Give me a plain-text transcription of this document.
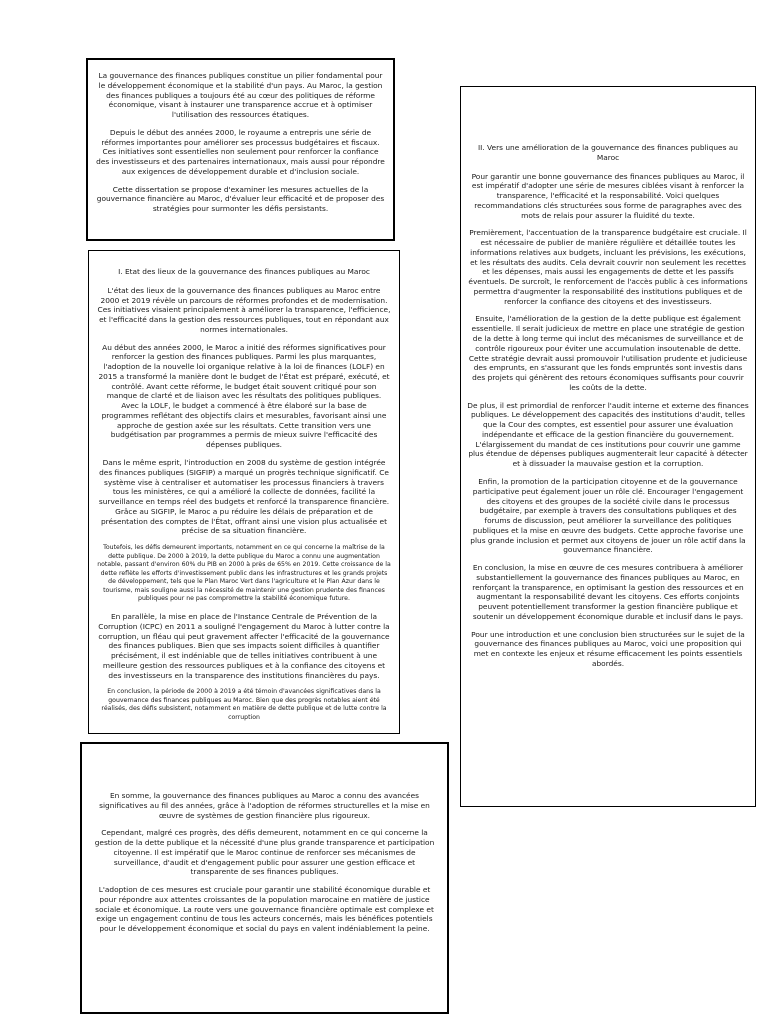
La gouvernance des finances publiques constitue un pilier fondamental pour le développement économique et la stabilité d'un pays. Au Maroc, la gestion des finances publiques a toujours été au cœur des politiques de réforme économique, visant à instaurer une transparence accrue et à optimiser l'utilisation des ressources étatiques.

Depuis le début des années 2000, le royaume a entrepris une série de réformes importantes pour améliorer ses processus budgétaires et fiscaux. Ces initiatives sont essentielles non seulement pour renforcer la confiance des investisseurs et des partenaires internationaux, mais aussi pour répondre aux exigences de développement durable et d'inclusion sociale.

Cette dissertation se propose d'examiner les mesures actuelles de la gouvernance financière au Maroc, d'évaluer leur efficacité et de proposer des stratégies pour surmonter les défis persistants.

I. Etat des lieux de la gouvernance des finances publiques au Maroc

L'état des lieux de la gouvernance des finances publiques au Maroc entre 2000 et 2019 révèle un parcours de réformes profondes et de modernisation. Ces initiatives visaient principalement à améliorer la transparence, l'efficience, et l'efficacité dans la gestion des ressources publiques, tout en répondant aux normes internationales.

Au début des années 2000, le Maroc a initié des réformes significatives pour renforcer la gestion des finances publiques. Parmi les plus marquantes, l'adoption de la nouvelle loi organique relative à la loi de finances (LOLF) en 2015 a transformé la manière dont le budget de l'État est préparé, exécuté, et contrôlé. Avant cette réforme, le budget était souvent critiqué pour son manque de clarté et de liaison avec les résultats des politiques publiques. Avec la LOLF, le budget a commencé à être élaboré sur la base de programmes reflétant des objectifs clairs et mesurables, favorisant ainsi une approche de gestion axée sur les résultats. Cette transition vers une budgétisation par programmes a permis de mieux suivre l'efficacité des dépenses publiques.

Dans le même esprit, l'introduction en 2008 du système de gestion intégrée des finances publiques (SIGFIP) a marqué un progrès technique significatif. Ce système vise à centraliser et automatiser les processus financiers à travers tous les ministères, ce qui a amélioré la collecte de données, facilité la surveillance en temps réel des budgets et renforcé la transparence financière. Grâce au SIGFIP, le Maroc a pu réduire les délais de préparation et de présentation des comptes de l'État, offrant ainsi une vision plus actualisée et précise de sa situation financière.

Toutefois, les défis demeurent importants, notamment en ce qui concerne la maîtrise de la dette publique. De 2000 à 2019, la dette publique du Maroc a connu une augmentation notable, passant d'environ 60% du PIB en 2000 à près de 65% en 2019. Cette croissance de la dette reflète les efforts d'investissement public dans les infrastructures et les grands projets de développement, tels que le Plan Maroc Vert dans l'agriculture et le Plan Azur dans le tourisme, mais souligne aussi la nécessité de maintenir une gestion prudente des finances publiques pour ne pas compromettre la stabilité économique future.

En parallèle, la mise en place de l'Instance Centrale de Prévention de la Corruption (ICPC) en 2011 a souligné l'engagement du Maroc à lutter contre la corruption, un fléau qui peut gravement affecter l'efficacité de la gouvernance des finances publiques. Bien que ses impacts soient difficiles à quantifier précisément, il est indéniable que de telles initiatives contribuent à une meilleure gestion des ressources publiques et à la confiance des citoyens et des investisseurs en la transparence des institutions financières du pays.

En conclusion, la période de 2000 à 2019 a été témoin d'avancées significatives dans la gouvernance des finances publiques au Maroc. Bien que des progrès notables aient été réalisés, des défis subsistent, notamment en matière de dette publique et de lutte contre la corruption

II. Vers une amélioration de la gouvernance des finances publiques au Maroc

Pour garantir une bonne gouvernance des finances publiques au Maroc, il est impératif d'adopter une série de mesures ciblées visant à renforcer la transparence, l'efficacité et la responsabilité. Voici quelques recommandations clés structurées sous forme de paragraphes avec des mots de relais pour assurer la fluidité du texte.

Premièrement, l'accentuation de la transparence budgétaire est cruciale. Il est nécessaire de publier de manière régulière et détaillée toutes les informations relatives aux budgets, incluant les prévisions, les exécutions, et les résultats des audits. Cela devrait couvrir non seulement les recettes et les dépenses, mais aussi les engagements de dette et les passifs éventuels. De surcroît, le renforcement de l'accès public à ces informations permettra d'augmenter la responsabilité des institutions publiques et de renforcer la confiance des citoyens et des investisseurs.

Ensuite, l'amélioration de la gestion de la dette publique est également essentielle. Il serait judicieux de mettre en place une stratégie de gestion de la dette à long terme qui inclut des mécanismes de surveillance et de contrôle rigoureux pour éviter une accumulation insoutenable de dette. Cette stratégie devrait aussi promouvoir l'utilisation prudente et judicieuse des emprunts, en s'assurant que les fonds empruntés sont investis dans des projets qui génèrent des retours économiques suffisants pour couvrir les coûts de la dette.

De plus, il est primordial de renforcer l'audit interne et externe des finances publiques. Le développement des capacités des institutions d'audit, telles que la Cour des comptes, est essentiel pour assurer une évaluation indépendante et efficace de la gestion financière du gouvernement. L'élargissement du mandat de ces institutions pour couvrir une gamme plus étendue de dépenses publiques augmenterait leur capacité à détecter et à dissuader la mauvaise gestion et la corruption.

Enfin, la promotion de la participation citoyenne et de la gouvernance participative peut également jouer un rôle clé. Encourager l'engagement des citoyens et des groupes de la société civile dans le processus budgétaire, par exemple à travers des consultations publiques et des forums de discussion, peut améliorer la surveillance des politiques publiques et la mise en œuvre des budgets. Cette approche favorise une plus grande inclusion et permet aux citoyens de jouer un rôle actif dans la gouvernance financière.

En conclusion, la mise en œuvre de ces mesures contribuera à améliorer substantiellement la gouvernance des finances publiques au Maroc, en renforçant la transparence, en optimisant la gestion des ressources et en augmentant la responsabilité devant les citoyens. Ces efforts conjoints peuvent potentiellement transformer la gestion financière publique et soutenir un développement économique durable et inclusif dans le pays.

Pour une introduction et une conclusion bien structurées sur le sujet de la gouvernance des finances publiques au Maroc, voici une proposition qui met en contexte les enjeux et résume efficacement les points essentiels abordés.

En somme, la gouvernance des finances publiques au Maroc a connu des avancées significatives au fil des années, grâce à l'adoption de réformes structurelles et la mise en œuvre de systèmes de gestion financière plus rigoureux.

Cependant, malgré ces progrès, des défis demeurent, notamment en ce qui concerne la gestion de la dette publique et la nécessité d'une plus grande transparence et participation citoyenne. Il est impératif que le Maroc continue de renforcer ses mécanismes de surveillance, d'audit et d'engagement public pour assurer une gestion efficace et transparente de ses finances publiques.

L'adoption de ces mesures est cruciale pour garantir une stabilité économique durable et pour répondre aux attentes croissantes de la population marocaine en matière de justice sociale et économique. La route vers une gouvernance financière optimale est complexe et exige un engagement continu de tous les acteurs concernés, mais les bénéfices potentiels pour le développement économique et social du pays en valent indéniablement la peine.
